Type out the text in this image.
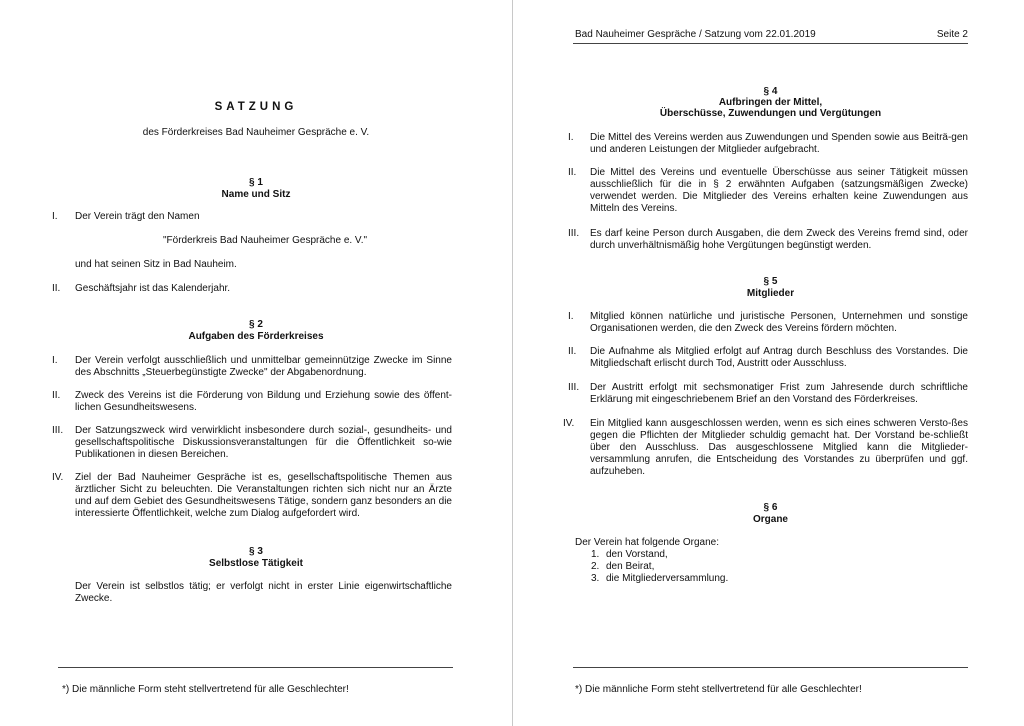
SATZUNG
des Förderkreises Bad Nauheimer Gespräche e. V.
§ 1
Name und Sitz
I. Der Verein trägt den Namen
"Förderkreis Bad Nauheimer Gespräche e. V."
und hat seinen Sitz in Bad Nauheim.
II. Geschäftsjahr ist das Kalenderjahr.
§ 2
Aufgaben des Förderkreises
I. Der Verein verfolgt ausschließlich und unmittelbar gemeinnützige Zwecke im Sinne des Abschnitts „Steuerbegünstigte Zwecke" der Abgabenordnung.
II. Zweck des Vereins ist die Förderung von Bildung und Erziehung sowie des öffent-lichen Gesundheitswesens.
III. Der Satzungszweck wird verwirklicht insbesondere durch sozial-, gesundheits- und gesellschaftspolitische Diskussionsveranstaltungen für die Öffentlichkeit so-wie Publikationen in diesen Bereichen.
IV. Ziel der Bad Nauheimer Gespräche ist es, gesellschaftspolitische Themen aus ärztlicher Sicht zu beleuchten. Die Veranstaltungen richten sich nicht nur an Ärzte und auf dem Gebiet des Gesundheitswesens Tätige, sondern ganz besonders an die interessierte Öffentlichkeit, welche zum Dialog aufgefordert wird.
§ 3
Selbstlose Tätigkeit
Der Verein ist selbstlos tätig; er verfolgt nicht in erster Linie eigenwirtschaftliche Zwecke.
*) Die männliche Form steht stellvertretend für alle Geschlechter!
Bad Nauheimer Gespräche / Satzung vom 22.01.2019	Seite 2
§ 4
Aufbringen der Mittel,
Überschüsse, Zuwendungen und Vergütungen
I. Die Mittel des Vereins werden aus Zuwendungen und Spenden sowie aus Beiträ-gen und anderen Leistungen der Mitglieder aufgebracht.
II. Die Mittel des Vereins und eventuelle Überschüsse aus seiner Tätigkeit müssen ausschließlich für die in § 2 erwähnten Aufgaben (satzungsmäßigen Zwecke) verwendet werden. Die Mitglieder des Vereins erhalten keine Zuwendungen aus Mitteln des Vereins.
III. Es darf keine Person durch Ausgaben, die dem Zweck des Vereins fremd sind, oder durch unverhältnismäßig hohe Vergütungen begünstigt werden.
§ 5
Mitglieder
I. Mitglied können natürliche und juristische Personen, Unternehmen und sonstige Organisationen werden, die den Zweck des Vereins fördern möchten.
II. Die Aufnahme als Mitglied erfolgt auf Antrag durch Beschluss des Vorstandes. Die Mitgliedschaft erlischt durch Tod, Austritt oder Ausschluss.
III. Der Austritt erfolgt mit sechsmonatiger Frist zum Jahresende durch schriftliche Erklärung mit eingeschriebenem Brief an den Vorstand des Förderkreises.
IV. Ein Mitglied kann ausgeschlossen werden, wenn es sich eines schweren Versto-ßes gegen die Pflichten der Mitglieder schuldig gemacht hat. Der Vorstand be-schließt über den Ausschluss. Das ausgeschlossene Mitglied kann die Mitglieder-versammlung anrufen, die Entscheidung des Vorstandes zu überprüfen und ggf. aufzuheben.
§ 6
Organe
Der Verein hat folgende Organe:
1. den Vorstand,
2. den Beirat,
3. die Mitgliederversammlung.
*) Die männliche Form steht stellvertretend für alle Geschlechter!
